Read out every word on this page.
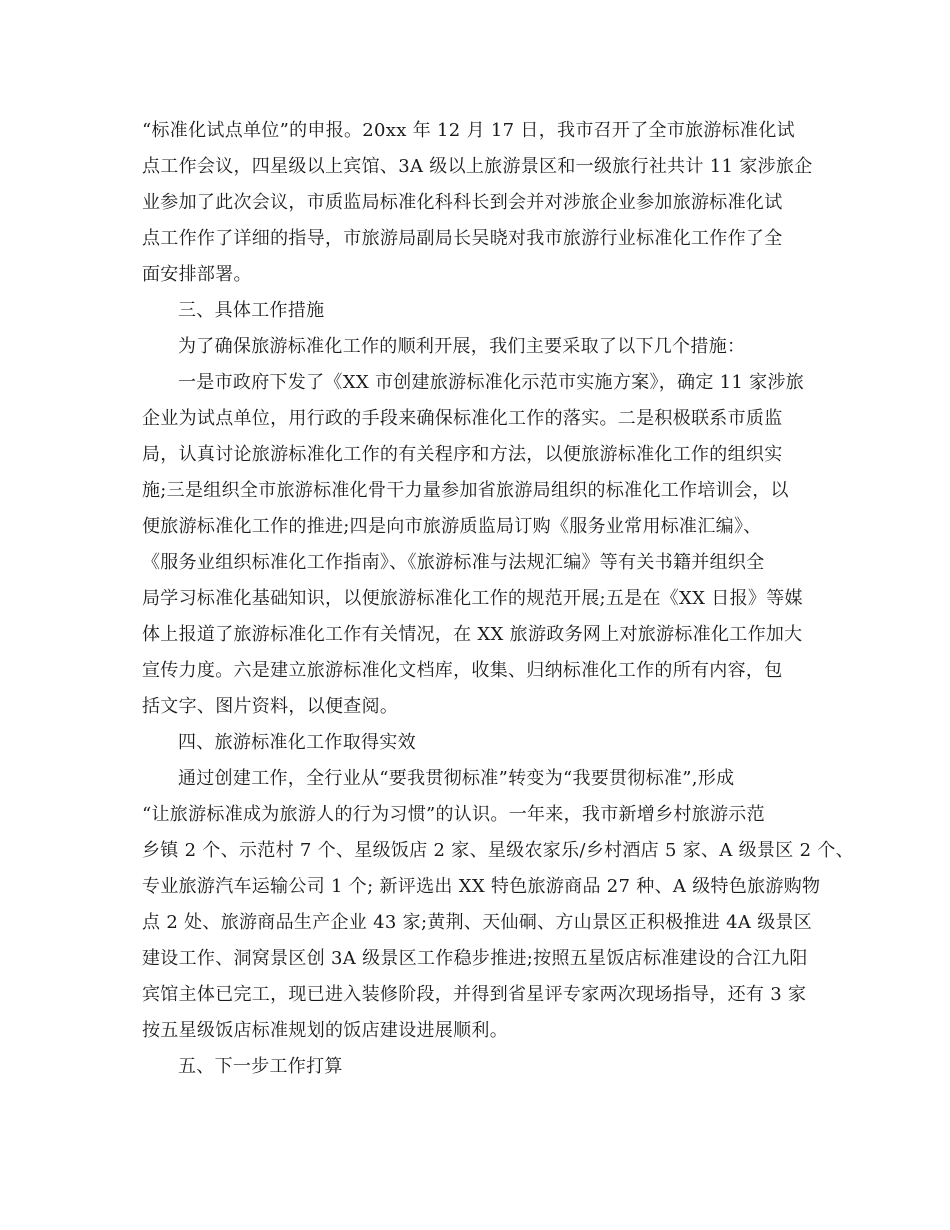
“标准化试点单位”的申报。20xx 年 12 月 17 日，我市召开了全市旅游标准化试
点工作会议，四星级以上宾馆、3A 级以上旅游景区和一级旅行社共计 11 家涉旅企
业参加了此次会议，市质监局标准化科科长到会并对涉旅企业参加旅游标准化试
点工作作了详细的指导，市旅游局副局长吴晓对我市旅游行业标准化工作作了全
面安排部署。
三、具体工作措施
为了确保旅游标准化工作的顺利开展，我们主要采取了以下几个措施：
一是市政府下发了《XX 市创建旅游标准化示范市实施方案》，确定 11 家涉旅
企业为试点单位，用行政的手段来确保标准化工作的落实。二是积极联系市质监
局，认真讨论旅游标准化工作的有关程序和方法，以便旅游标准化工作的组织实
施;三是组织全市旅游标准化骨干力量参加省旅游局组织的标准化工作培训会，以
便旅游标准化工作的推进;四是向市旅游质监局订购《服务业常用标准汇编》、
《服务业组织标准化工作指南》、《旅游标准与法规汇编》等有关书籍并组织全
局学习标准化基础知识，以便旅游标准化工作的规范开展;五是在《XX 日报》等媒
体上报道了旅游标准化工作有关情况，在 XX 旅游政务网上对旅游标准化工作加大
宣传力度。六是建立旅游标准化文档库，收集、归纳标准化工作的所有内容，包
括文字、图片资料，以便查阅。
四、旅游标准化工作取得实效
通过创建工作，全行业从“要我贯彻标准”转变为“我要贯彻标准”,形成
“让旅游标准成为旅游人的行为习惯”的认识。一年来，我市新增乡村旅游示范
乡镇 2 个、示范村 7 个、星级饭店 2 家、星级农家乐/乡村酒店 5 家、A 级景区 2 个、
专业旅游汽车运输公司 1 个; 新评选出 XX 特色旅游商品 27 种、A 级特色旅游购物
点 2 处、旅游商品生产企业 43 家;黄荆、天仙硐、方山景区正积极推进 4A 级景区
建设工作、洞窝景区创 3A 级景区工作稳步推进;按照五星饭店标准建设的合江九阳
宾馆主体已完工，现已进入装修阶段，并得到省星评专家两次现场指导，还有 3 家
按五星级饭店标准规划的饭店建设进展顺利。
五、下一步工作打算
